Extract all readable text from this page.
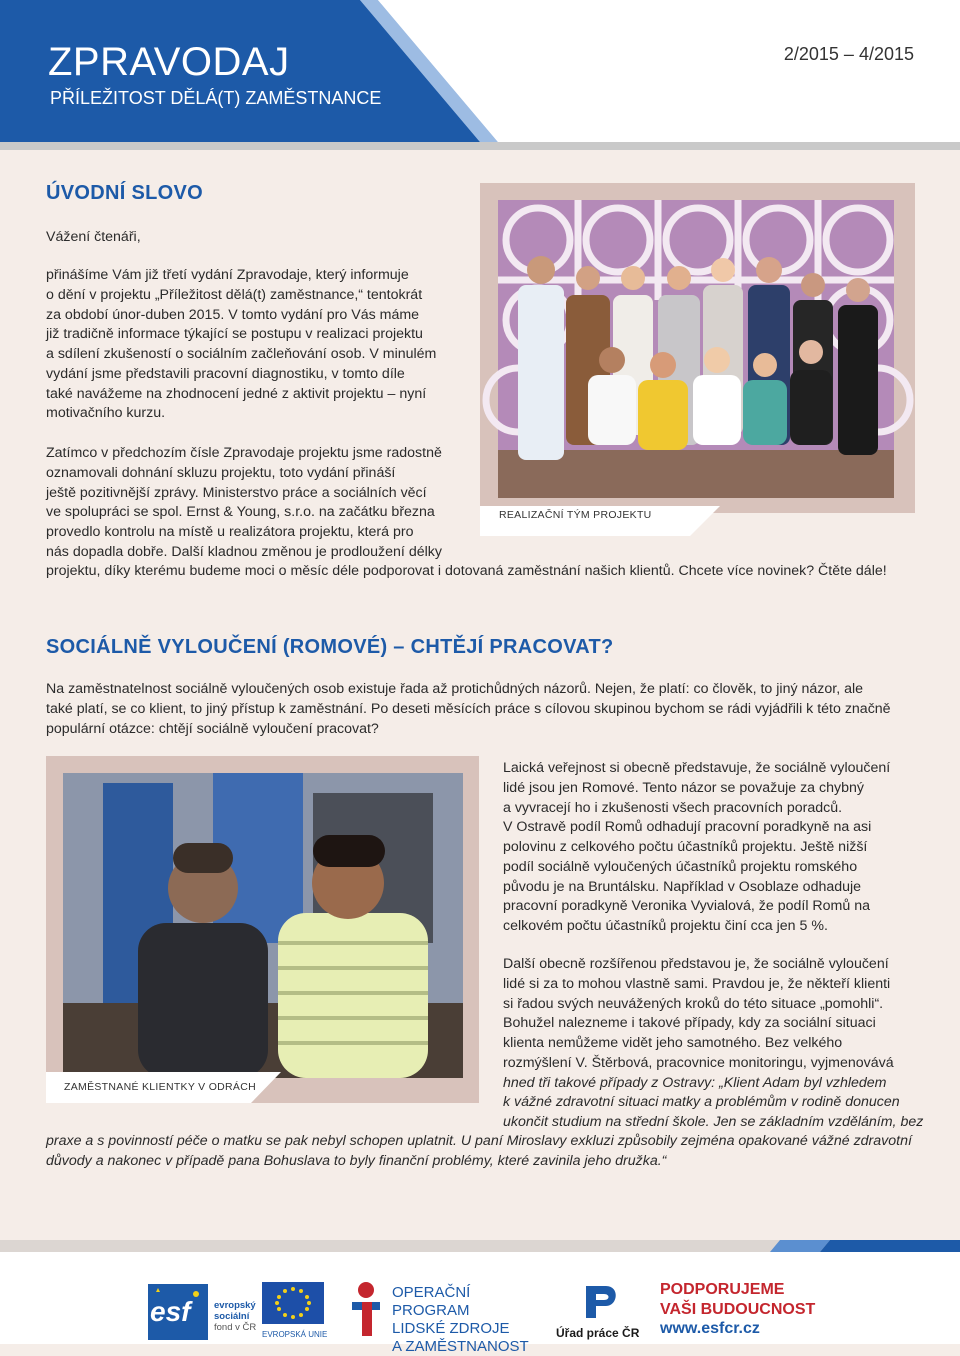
ZPRAVODAJ
PŘÍLEŽITOST DĚLÁ(T) ZAMĚSTNANCE
2/2015 – 4/2015
ÚVODNÍ SLOVO

Vážení čtenáři,

přinášíme Vám již třetí vydání Zpravodaje, který informuje
o dění v projektu „Příležitost dělá(t) zaměstnance,“ tentokrát
za období únor-duben 2015. V tomto vydání pro Vás máme
již tradičně informace týkající se postupu v realizaci projektu
a sdílení zkušeností o sociálním začleňování osob. V minulém
vydání jsme představili pracovní diagnostiku, v tomto díle
také navážeme na zhodnocení jedné z aktivit projektu – nyní
motivačního kurzu.
Zatímco v předchozím čísle Zpravodaje projektu jsme radostně
oznamovali dohnání skluzu projektu, toto vydání přináší
ještě pozitivnější zprávy. Ministerstvo práce a sociálních věcí
ve spolupráci se spol. Ernst & Young, s.r.o. na začátku března
provedlo kontrolu na místě u realizátora projektu, která pro
nás dopadla dobře. Další kladnou změnou je prodloužení délky
projektu, díky kterému budeme moci o měsíc déle podporovat i dotovaná zaměstnání našich klientů. Chcete více novinek? Čtěte dále!
REALIZAČNÍ TÝM PROJEKTU
SOCIÁLNĚ VYLOUČENÍ (ROMOVÉ) – CHTĚJÍ PRACOVAT?
Na zaměstnatelnost sociálně vyloučených osob existuje řada až protichůdných názorů. Nejen, že platí: co člověk, to jiný názor, ale
také platí, se co klient, to jiný přístup k zaměstnání. Po deseti měsících práce s cílovou skupinou bychom se rádi vyjádřili k této značně
populární otázce: chtějí sociálně vyloučení pracovat?
ZAMĚSTNANÉ KLIENTKY V ODRÁCH
Laická veřejnost si obecně představuje, že sociálně vyloučení
lidé jsou jen Romové. Tento názor se považuje za chybný
a vyvracejí ho i zkušenosti všech pracovních poradců.
V Ostravě podíl Romů odhadují pracovní poradkyně na asi
polovinu z celkového počtu účastníků projektu. Ještě nižší
podíl sociálně vyloučených účastníků projektu romského
původu je na Bruntálsku. Například v Osoblaze odhaduje
pracovní poradkyně Veronika Vyvialová, že podíl Romů na
celkovém počtu účastníků projektu činí cca jen 5 %.
Další obecně rozšířenou představou je, že sociálně vyloučení
lidé si za to mohou vlastně sami. Pravdou je, že někteří klienti
si řadou svých neuvážených kroků do této situace „pomohli“.
Bohužel nalezneme i takové případy, kdy za sociální situaci
klienta nemůžeme vidět jeho samotného. Bez velkého
rozmýšlení V. Štěrbová, pracovnice monitoringu, vyjmenovává
hned tři takové případy z Ostravy: „Klient Adam byl vzhledem
k vážné zdravotní situaci matky a problémům v rodině donucen
ukončit studium na střední škole. Jen se základním vzděláním, bez
praxe a s povinností péče o matku se pak nebyl schopen uplatnit. U paní Miroslavy exkluzi způsobily zejména opakované vážné zdravotní
důvody a nakonec v případě pana Bohuslava to byly finanční problémy, které zavinila jeho družka.“
esf evropský
sociální
fond v ČR
EVROPSKÁ UNIE
OPERAČNÍ PROGRAM
LIDSKÉ ZDROJE
A ZAMĚSTNANOST
Úřad práce ČR
PODPORUJEME
VAŠI BUDOUCNOST
www.esfcr.cz
